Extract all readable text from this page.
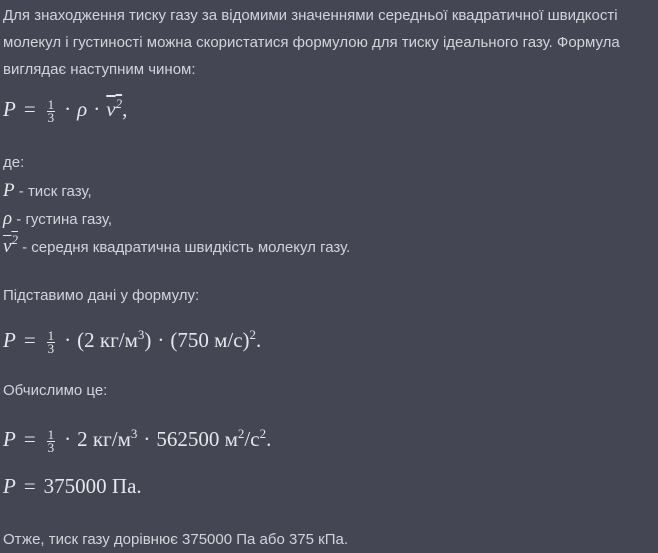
Для знаходження тиску газу за відомими значеннями середньої квадратичної швидкості молекул і густиності можна скористатися формулою для тиску ідеального газу. Формула виглядає наступним чином:

$P = \frac{1}{3} \cdot \rho \cdot v^2$,

де:

P - тиск газу,

ρ - густина газу,

$v^2$ - середня квадратична швидкість молекул газу.

Підставимо дані у формулу:

$P = \frac{1}{3} \cdot (2$ $кг/м^3) \cdot (750$ м/с)$^2$.

Обчислимо це:

$P = \frac{1}{3} \cdot 2$ $кг/м^3 \cdot 562500$ $м^2/с^2$.
P = 375000 Па.

Отже, тиск газу дорівнює 375000 Па або 375 кПа.
